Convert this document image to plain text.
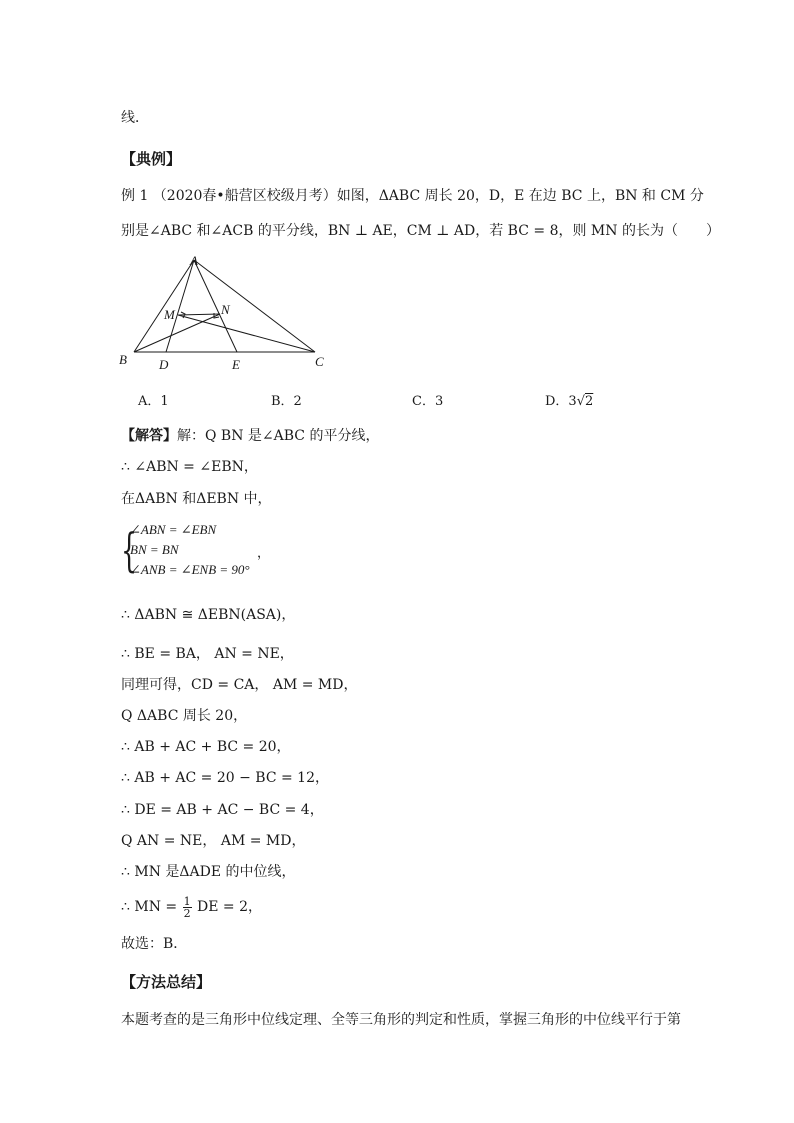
线．
【典例】
例 1 （2020春•船营区校级月考）如图，ΔABC 周长 20，D，E 在边 BC 上，BN 和 CM 分
别是∠ABC 和∠ACB 的平分线，BN ⊥ AE，CM ⊥ AD，若 BC = 8，则 MN 的长为（　　）
A
B	C
D	E
M	N
A．1	B．2	C．3	D．3√2
【解答】解：Q BN 是∠ABC 的平分线，
∴ ∠ABN = ∠EBN，
在ΔABN 和ΔEBN 中，
{
∠ABN = ∠EBN
BN = BN
∠ANB = ∠ENB = 90°
，
∴ ΔABN ≅ ΔEBN(ASA)，
∴ BE = BA， AN = NE，
同理可得，CD = CA， AM = MD，
Q ΔABC 周长 20，
∴ AB + AC + BC = 20，
∴ AB + AC = 20 − BC = 12，
∴ DE = AB + AC − BC = 4，
Q AN = NE， AM = MD，
∴ MN 是ΔADE 的中位线，
∴ MN = $\frac{1}{2}$ DE = 2，
故选：B．
【方法总结】
本题考查的是三角形中位线定理、全等三角形的判定和性质，掌握三角形的中位线平行于第
